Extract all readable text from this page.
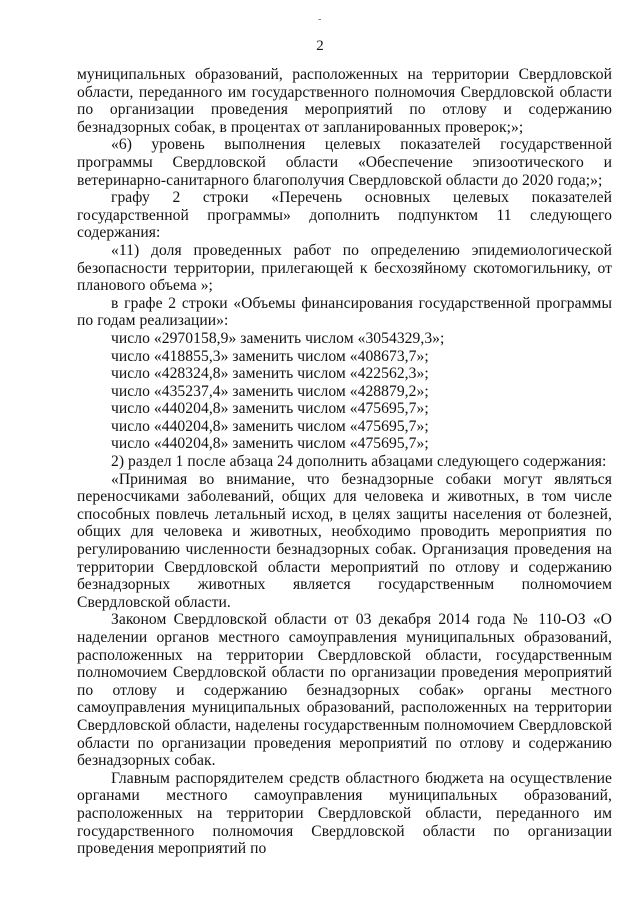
-
2

муниципальных образований, расположенных на территории Свердловской области, переданного им государственного полномочия Свердловской области по организации проведения мероприятий по отлову и содержанию безнадзорных собак, в процентах от запланированных проверок;»;

«6) уровень выполнения целевых показателей государственной программы Свердловской области «Обеспечение эпизоотического и ветеринарно-санитарного благополучия Свердловской области до 2020 года;»;

графу 2 строки «Перечень основных целевых показателей государственной программы» дополнить подпунктом 11 следующего содержания:

«11) доля проведенных работ по определению эпидемиологической безопасности территории, прилегающей к бесхозяйному скотомогильнику, от планового объема »;

в графе 2 строки «Объемы финансирования государственной программы по годам реализации»:

число «2970158,9» заменить числом «3054329,3»;

число «418855,3» заменить числом «408673,7»;

число «428324,8» заменить числом «422562,3»;

число «435237,4» заменить числом «428879,2»;

число «440204,8» заменить числом «475695,7»;

число «440204,8» заменить числом «475695,7»;

число «440204,8» заменить числом «475695,7»;

2) раздел 1 после абзаца 24 дополнить абзацами следующего содержания:

«Принимая во внимание, что безнадзорные собаки могут являться переносчиками заболеваний, общих для человека и животных, в том числе способных повлечь летальный исход, в целях защиты населения от болезней, общих для человека и животных, необходимо проводить мероприятия по регулированию численности безнадзорных собак. Организация проведения на территории Свердловской области мероприятий по отлову и содержанию безнадзорных животных является государственным полномочием Свердловской области.

Законом Свердловской области от 03 декабря 2014 года № 110-ОЗ «О наделении органов местного самоуправления муниципальных образований, расположенных на территории Свердловской области, государственным полномочием Свердловской области по организации проведения мероприятий по отлову и содержанию безнадзорных собак» органы местного самоуправления муниципальных образований, расположенных на территории Свердловской области, наделены государственным полномочием Свердловской области по организации проведения мероприятий по отлову и содержанию безнадзорных собак.

Главным распорядителем средств областного бюджета на осуществление органами местного самоуправления муниципальных образований, расположенных на территории Свердловской области, переданного им государственного полномочия Свердловской области по организации проведения мероприятий по
